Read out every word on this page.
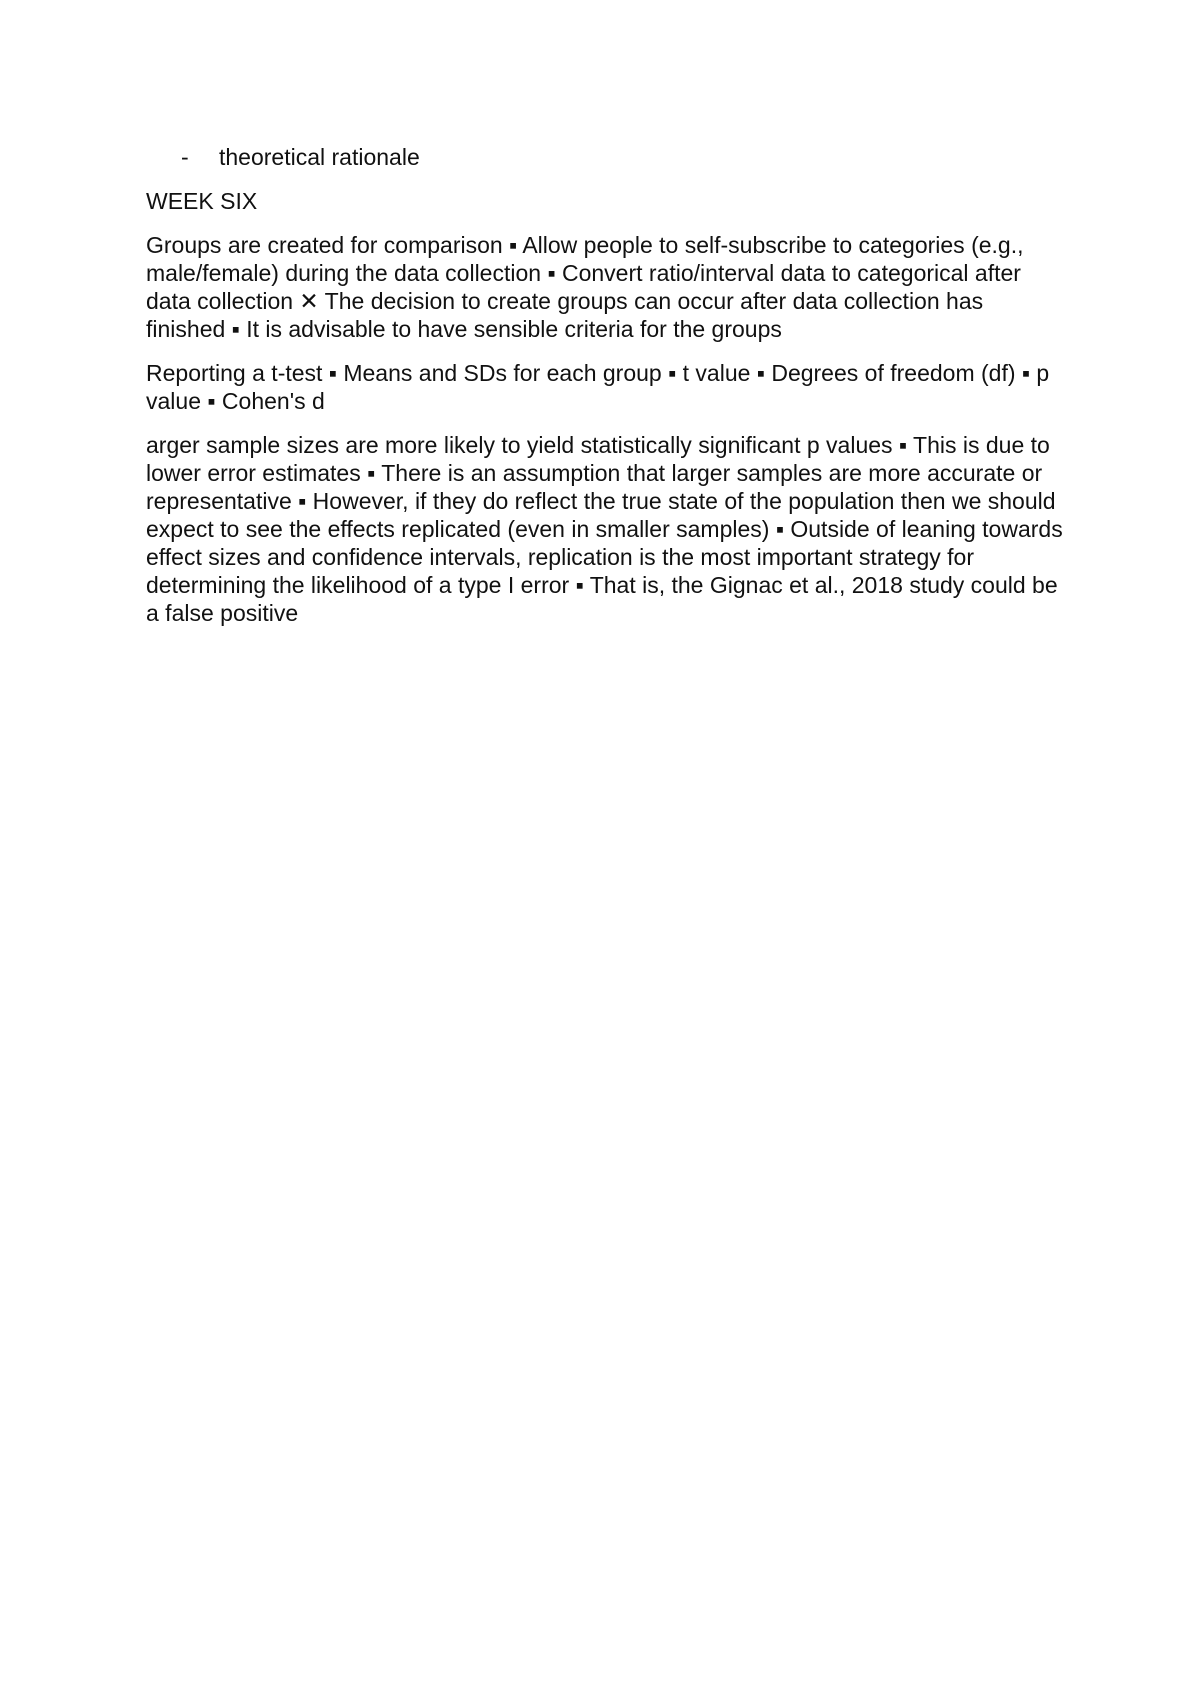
- theoretical rationale
WEEK SIX

Groups are created for comparison ▪ Allow people to self-subscribe to categories (e.g., male/female) during the data collection ▪ Convert ratio/interval data to categorical after data collection ✕ The decision to create groups can occur after data collection has finished ▪ It is advisable to have sensible criteria for the groups

Reporting a t-test ▪ Means and SDs for each group ▪ t value ▪ Degrees of freedom (df) ▪ p value ▪ Cohen's d

arger sample sizes are more likely to yield statistically significant p values ▪ This is due to lower error estimates ▪ There is an assumption that larger samples are more accurate or representative ▪ However, if they do reflect the true state of the population then we should expect to see the effects replicated (even in smaller samples) ▪ Outside of leaning towards effect sizes and confidence intervals, replication is the most important strategy for determining the likelihood of a type I error ▪ That is, the Gignac et al., 2018 study could be a false positive
